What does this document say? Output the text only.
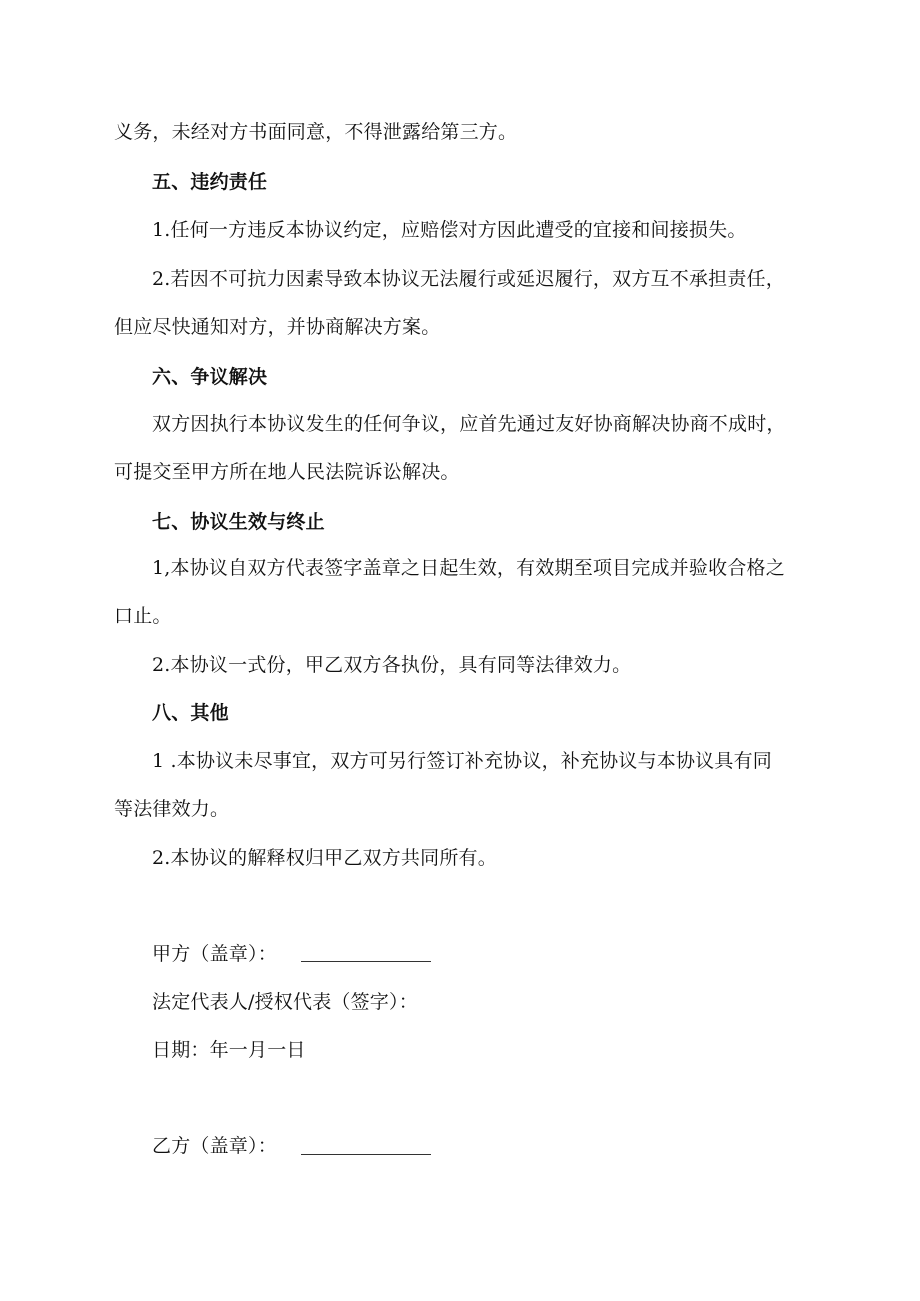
义务，未经对方书面同意，不得泄露给第三方。
五、违约责任
1.任何一方违反本协议约定，应赔偿对方因此遭受的宜接和间接损失。
2.若因不可抗力因素导致本协议无法履行或延迟履行，双方互不承担责任，
但应尽快通知对方，并协商解决方案。
六、争议解决
双方因执行本协议发生的任何争议，应首先通过友好协商解决协商不成时，
可提交至甲方所在地人民法院诉讼解决。
七、协议生效与终止
1,本协议自双方代表签字盖章之日起生效，有效期至项目完成并验收合格之
口止。
2.本协议一式份，甲乙双方各执份，具有同等法律效力。
八、其他
1 .本协议未尽事宜，双方可另行签订补充协议，补充协议与本协议具有同
等法律效力。
2.本协议的解释权归甲乙双方共同所有。
甲方（盖章）：
法定代表人/授权代表（签字）：
日期：年一月一日
乙方（盖章）：
